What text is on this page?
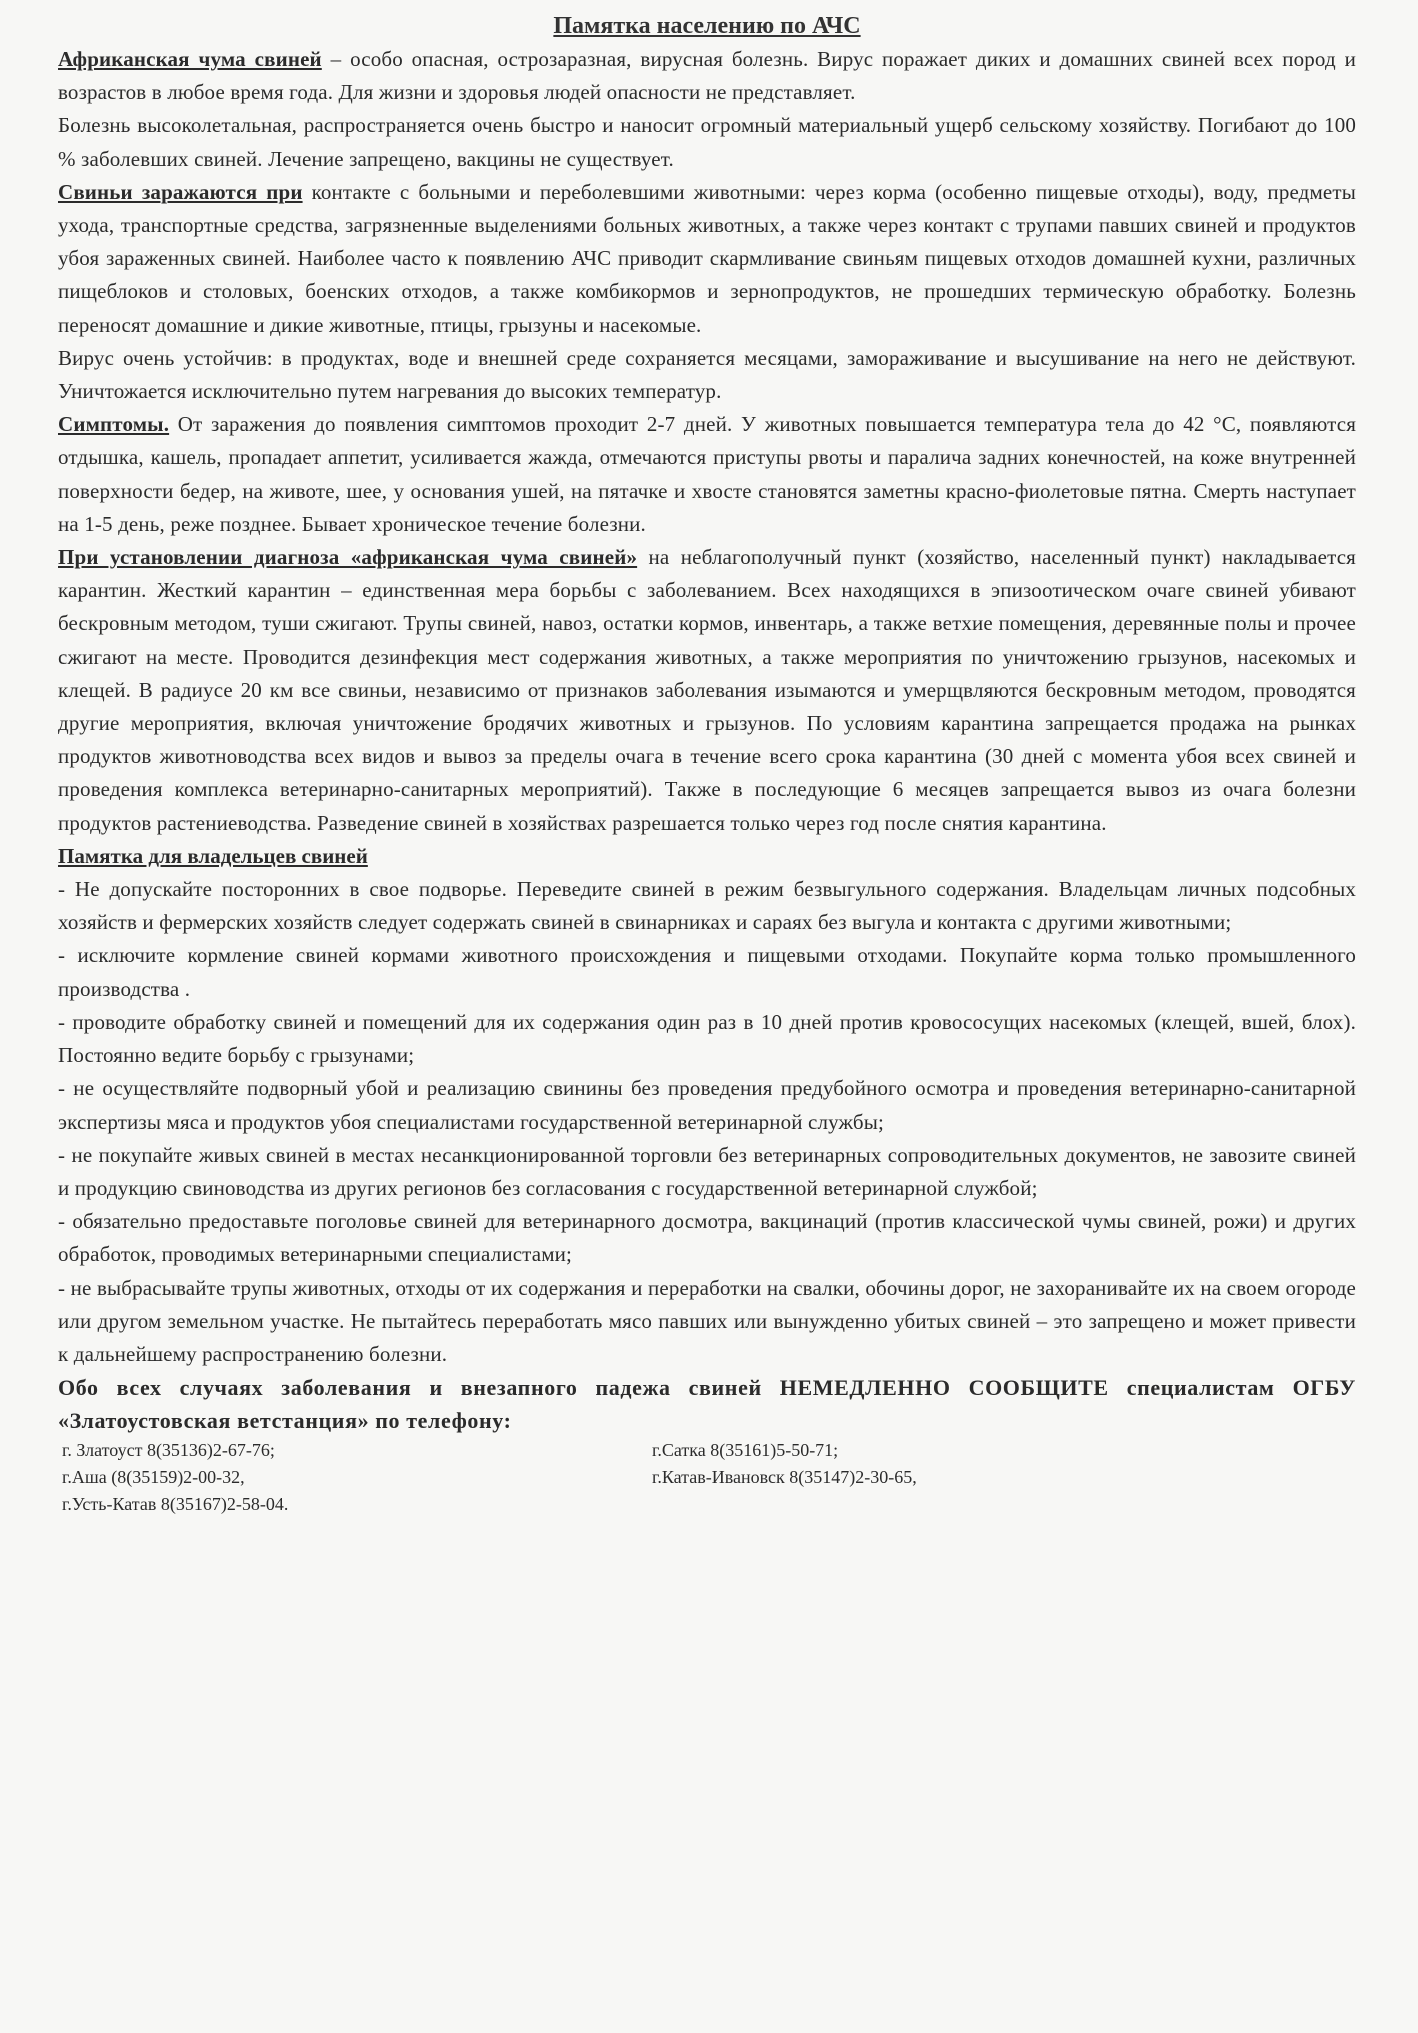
Памятка населению по АЧС

Африканская чума свиней – особо опасная, острозаразная, вирусная болезнь. Вирус поражает диких и домашних свиней всех пород и возрастов в любое время года. Для жизни и здоровья людей опасности не представляет.

Болезнь высоколетальная, распространяется очень быстро и наносит огромный материальный ущерб сельскому хозяйству. Погибают до 100 % заболевших свиней. Лечение запрещено, вакцины не существует.

Свиньи заражаются при контакте с больными и переболевшими животными: через корма (особенно пищевые отходы), воду, предметы ухода, транспортные средства, загрязненные выделениями больных животных, а также через контакт с трупами павших свиней и продуктов убоя зараженных свиней. Наиболее часто к появлению АЧС приводит скармливание свиньям пищевых отходов домашней кухни, различных пищеблоков и столовых, боенских отходов, а также комбикормов и зернопродуктов, не прошедших термическую обработку. Болезнь переносят домашние и дикие животные, птицы, грызуны и насекомые.

Вирус очень устойчив: в продуктах, воде и внешней среде сохраняется месяцами, замораживание и высушивание на него не действуют. Уничтожается исключительно путем нагревания до высоких температур.

Симптомы. От заражения до появления симптомов проходит 2-7 дней. У животных повышается температура тела до 42 °С, появляются отдышка, кашель, пропадает аппетит, усиливается жажда, отмечаются приступы рвоты и паралича задних конечностей, на коже внутренней поверхности бедер, на животе, шее, у основания ушей, на пятачке и хвосте становятся заметны красно-фиолетовые пятна. Смерть наступает на 1-5 день, реже позднее. Бывает хроническое течение болезни.

При установлении диагноза «африканская чума свиней» на неблагополучный пункт (хозяйство, населенный пункт) накладывается карантин. Жесткий карантин – единственная мера борьбы с заболеванием. Всех находящихся в эпизоотическом очаге свиней убивают бескровным методом, туши сжигают. Трупы свиней, навоз, остатки кормов, инвентарь, а также ветхие помещения, деревянные полы и прочее сжигают на месте. Проводится дезинфекция мест содержания животных, а также мероприятия по уничтожению грызунов, насекомых и клещей. В радиусе 20 км все свиньи, независимо от признаков заболевания изымаются и умерщвляются бескровным методом, проводятся другие мероприятия, включая уничтожение бродячих животных и грызунов. По условиям карантина запрещается продажа на рынках продуктов животноводства всех видов и вывоз за пределы очага в течение всего срока карантина (30 дней с момента убоя всех свиней и проведения комплекса ветеринарно-санитарных мероприятий). Также в последующие 6 месяцев запрещается вывоз из очага болезни продуктов растениеводства. Разведение свиней в хозяйствах разрешается только через год после снятия карантина.

Памятка для владельцев свиней

- Не допускайте посторонних в свое подворье. Переведите свиней в режим безвыгульного содержания. Владельцам личных подсобных хозяйств и фермерских хозяйств следует содержать свиней в свинарниках и сараях без выгула и контакта с другими животными;

- исключите кормление свиней кормами животного происхождения и пищевыми отходами. Покупайте корма только промышленного производства .

- проводите обработку свиней и помещений для их содержания один раз в 10 дней против кровососущих насекомых (клещей, вшей, блох). Постоянно ведите борьбу с грызунами;

- не осуществляйте подворный убой и реализацию свинины без проведения предубойного осмотра и проведения ветеринарно-санитарной экспертизы мяса и продуктов убоя специалистами государственной ветеринарной службы;

- не покупайте живых свиней в местах несанкционированной торговли без ветеринарных сопроводительных документов, не завозите свиней и продукцию свиноводства из других регионов без согласования с государственной ветеринарной службой;

- обязательно предоставьте поголовье свиней для ветеринарного досмотра, вакцинаций (против классической чумы свиней, рожи) и других обработок, проводимых ветеринарными специалистами;

- не выбрасывайте трупы животных, отходы от их содержания и переработки на свалки, обочины дорог, не захоранивайте их на своем огороде или другом земельном участке. Не пытайтесь переработать мясо павших или вынужденно убитых свиней – это запрещено и может привести к дальнейшему распространению болезни.

Обо всех случаях заболевания и внезапного падежа свиней НЕМЕДЛЕННО СООБЩИТЕ специалистам ОГБУ «Златоустовская ветстанция» по телефону:

г. Златоуст 8(35136)2-67-76;	г.Сатка 8(35161)5-50-71;
г.Аша (8(35159)2-00-32,	г.Катав-Ивановск 8(35147)2-30-65,
г.Усть-Катав 8(35167)2-58-04.
